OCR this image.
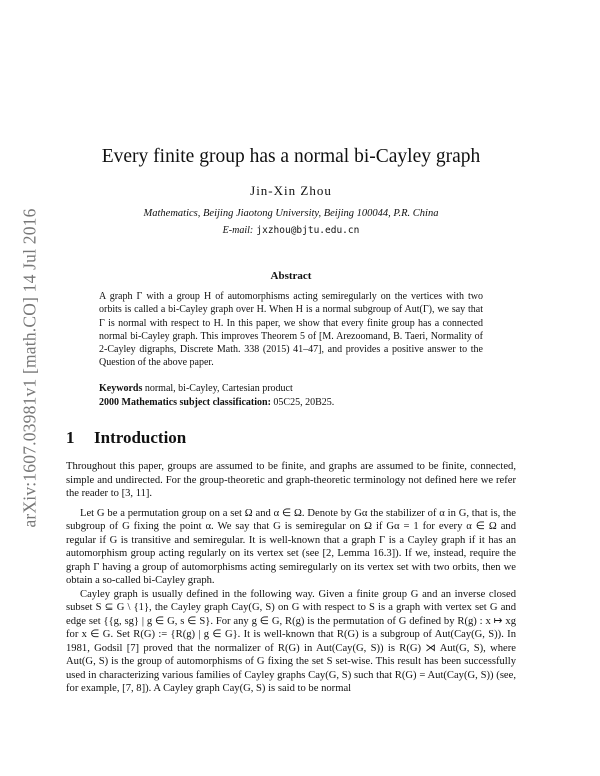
arXiv:1607.03981v1 [math.CO] 14 Jul 2016
Every finite group has a normal bi-Cayley graph
Jin-Xin Zhou
Mathematics, Beijing Jiaotong University, Beijing 100044, P.R. China
E-mail: jxzhou@bjtu.edu.cn
Abstract

A graph Γ with a group H of automorphisms acting semiregularly on the vertices with two orbits is called a bi-Cayley graph over H. When H is a normal subgroup of Aut(Γ), we say that Γ is normal with respect to H. In this paper, we show that every finite group has a connected normal bi-Cayley graph. This improves Theorem 5 of [M. Arezoomand, B. Taeri, Normality of 2-Cayley digraphs, Discrete Math. 338 (2015) 41–47], and provides a positive answer to the Question of the above paper.

Keywords normal, bi-Cayley, Cartesian product
2000 Mathematics subject classification: 05C25, 20B25.
1 Introduction

Throughout this paper, groups are assumed to be finite, and graphs are assumed to be finite, connected, simple and undirected. For the group-theoretic and graph-theoretic terminology not defined here we refer the reader to [3, 11].

Let G be a permutation group on a set Ω and α ∈ Ω. Denote by Gα the stabilizer of α in G, that is, the subgroup of G fixing the point α. We say that G is semiregular on Ω if Gα = 1 for every α ∈ Ω and regular if G is transitive and semiregular. It is well-known that a graph Γ is a Cayley graph if it has an automorphism group acting regularly on its vertex set (see [2, Lemma 16.3]). If we, instead, require the graph Γ having a group of automorphisms acting semiregularly on its vertex set with two orbits, then we obtain a so-called bi-Cayley graph.

Cayley graph is usually defined in the following way. Given a finite group G and an inverse closed subset S ⊆ G \ {1}, the Cayley graph Cay(G, S) on G with respect to S is a graph with vertex set G and edge set {{g, sg} | g ∈ G, s ∈ S}. For any g ∈ G, R(g) is the permutation of G defined by R(g) : x ↦ xg for x ∈ G. Set R(G) := {R(g) | g ∈ G}. It is well-known that R(G) is a subgroup of Aut(Cay(G, S)). In 1981, Godsil [7] proved that the normalizer of R(G) in Aut(Cay(G, S)) is R(G) ⋊ Aut(G, S), where Aut(G, S) is the group of automorphisms of G fixing the set S set-wise. This result has been successfully used in characterizing various families of Cayley graphs Cay(G, S) such that R(G) = Aut(Cay(G, S)) (see, for example, [7, 8]). A Cayley graph Cay(G, S) is said to be normal
